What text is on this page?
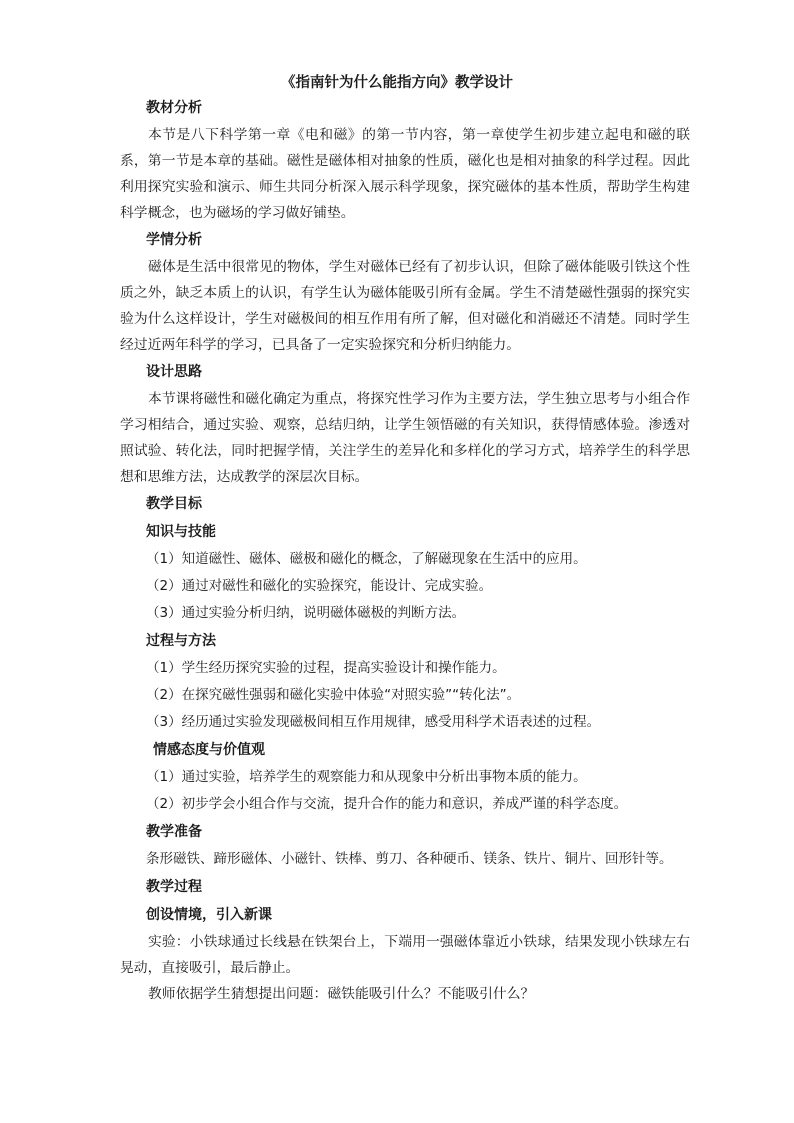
《指南针为什么能指方向》教学设计
教材分析

本节是八下科学第一章《电和磁》的第一节内容，第一章使学生初步建立起电和磁的联系，第一节是本章的基础。磁性是磁体相对抽象的性质，磁化也是相对抽象的科学过程。因此利用探究实验和演示、师生共同分析深入展示科学现象，探究磁体的基本性质，帮助学生构建科学概念，也为磁场的学习做好铺垫。

学情分析

磁体是生活中很常见的物体，学生对磁体已经有了初步认识，但除了磁体能吸引铁这个性质之外，缺乏本质上的认识，有学生认为磁体能吸引所有金属。学生不清楚磁性强弱的探究实验为什么这样设计，学生对磁极间的相互作用有所了解，但对磁化和消磁还不清楚。同时学生经过近两年科学的学习，已具备了一定实验探究和分析归纳能力。

设计思路

本节课将磁性和磁化确定为重点，将探究性学习作为主要方法，学生独立思考与小组合作学习相结合，通过实验、观察，总结归纳，让学生领悟磁的有关知识，获得情感体验。渗透对照试验、转化法，同时把握学情，关注学生的差异化和多样化的学习方式，培养学生的科学思想和思维方法，达成教学的深层次目标。

教学目标
知识与技能
（1）知道磁性、磁体、磁极和磁化的概念，了解磁现象在生活中的应用。
（2）通过对磁性和磁化的实验探究，能设计、完成实验。
（3）通过实验分析归纳，说明磁体磁极的判断方法。
过程与方法
（1）学生经历探究实验的过程，提高实验设计和操作能力。
（2）在探究磁性强弱和磁化实验中体验“对照实验”“转化法”。
（3）经历通过实验发现磁极间相互作用规律，感受用科学术语表述的过程。
情感态度与价值观
（1）通过实验，培养学生的观察能力和从现象中分析出事物本质的能力。
（2）初步学会小组合作与交流，提升合作的能力和意识，养成严谨的科学态度。
教学准备
条形磁铁、蹄形磁体、小磁针、铁棒、剪刀、各种硬币、镁条、铁片、铜片、回形针等。
教学过程
创设情境，引入新课

实验：小铁球通过长线悬在铁架台上，下端用一强磁体靠近小铁球，结果发现小铁球左右晃动，直接吸引，最后静止。

教师依据学生猜想提出问题：磁铁能吸引什么？不能吸引什么？
